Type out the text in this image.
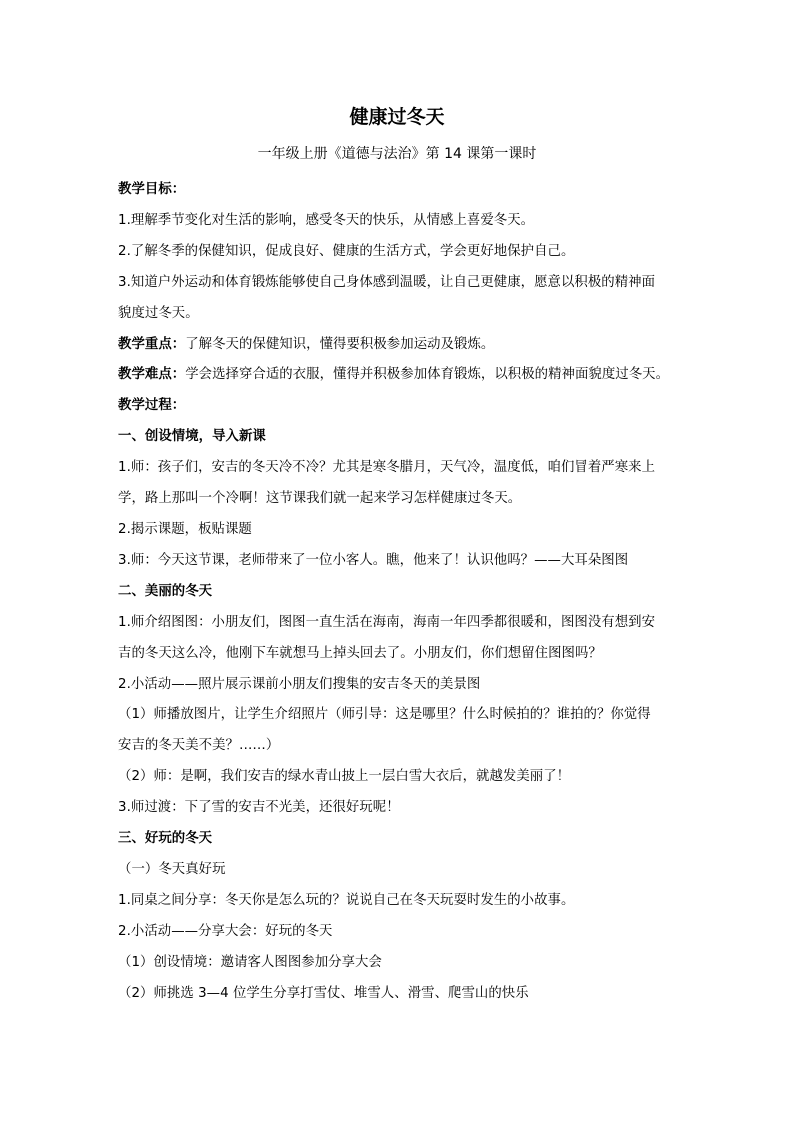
健康过冬天
一年级上册《道德与法治》第 14 课第一课时

教学目标：

1.理解季节变化对生活的影响，感受冬天的快乐，从情感上喜爱冬天。

2.了解冬季的保健知识，促成良好、健康的生活方式，学会更好地保护自己。

3.知道户外运动和体育锻炼能够使自己身体感到温暖，让自己更健康，愿意以积极的精神面

貌度过冬天。

教学重点：了解冬天的保健知识，懂得要积极参加运动及锻炼。

教学难点：学会选择穿合适的衣服，懂得并积极参加体育锻炼，以积极的精神面貌度过冬天。

教学过程：

一、创设情境，导入新课

1.师：孩子们，安吉的冬天冷不冷？尤其是寒冬腊月，天气冷，温度低，咱们冒着严寒来上

学，路上那叫一个冷啊！这节课我们就一起来学习怎样健康过冬天。

2.揭示课题，板贴课题

3.师：今天这节课，老师带来了一位小客人。瞧，他来了！认识他吗？——大耳朵图图

二、美丽的冬天

1.师介绍图图：小朋友们，图图一直生活在海南，海南一年四季都很暖和，图图没有想到安

吉的冬天这么冷，他刚下车就想马上掉头回去了。小朋友们，你们想留住图图吗？

2.小活动——照片展示课前小朋友们搜集的安吉冬天的美景图

（1）师播放图片，让学生介绍照片（师引导：这是哪里？什么时候拍的？谁拍的？你觉得

安吉的冬天美不美？……）

（2）师：是啊，我们安吉的绿水青山披上一层白雪大衣后，就越发美丽了！

3.师过渡：下了雪的安吉不光美，还很好玩呢！

三、好玩的冬天

（一）冬天真好玩

1.同桌之间分享：冬天你是怎么玩的？说说自己在冬天玩耍时发生的小故事。

2.小活动——分享大会：好玩的冬天

（1）创设情境：邀请客人图图参加分享大会

（2）师挑选 3—4 位学生分享打雪仗、堆雪人、滑雪、爬雪山的快乐
